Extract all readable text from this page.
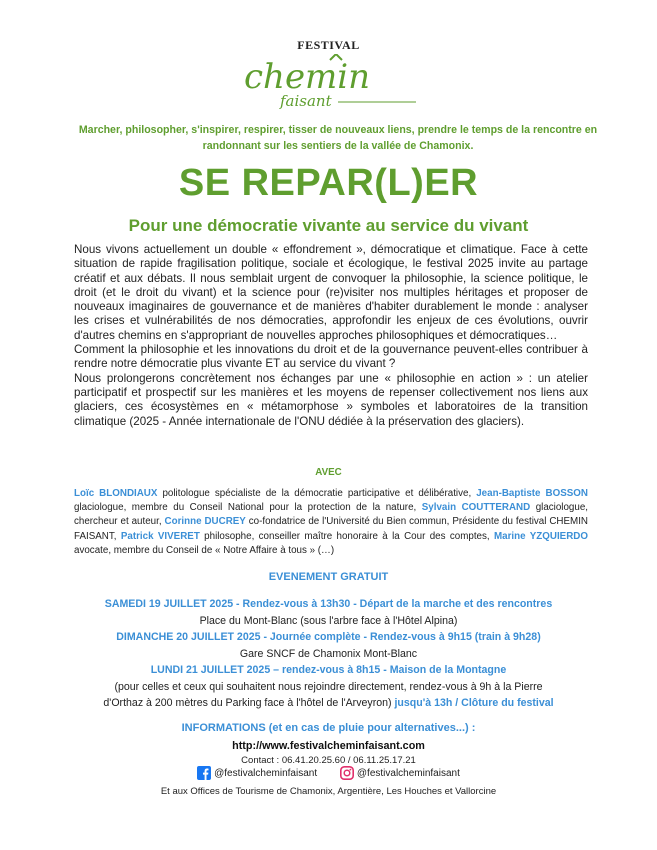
FESTIVAL
chemin
faisant
Marcher, philosopher, s'inspirer, respirer, tisser de nouveaux liens, prendre le temps de la rencontre en randonnant sur les sentiers de la vallée de Chamonix.
SE REPAR(L)ER
Pour une démocratie vivante au service du vivant

Nous vivons actuellement un double « effondrement », démocratique et climatique. Face à cette situation de rapide fragilisation politique, sociale et écologique, le festival 2025 invite au partage créatif et aux débats. Il nous semblait urgent de convoquer la philosophie, la science politique, le droit (et le droit du vivant) et la science pour (re)visiter nos multiples héritages et proposer de nouveaux imaginaires de gouvernance et de manières d'habiter durablement le monde : analyser les crises et vulnérabilités de nos démocraties, approfondir les enjeux de ces évolutions, ouvrir d'autres chemins en s'appropriant de nouvelles approches philosophiques et démocratiques…

Comment la philosophie et les innovations du droit et de la gouvernance peuvent-elles contribuer à rendre notre démocratie plus vivante ET au service du vivant ?

Nous prolongerons concrètement nos échanges par une « philosophie en action » : un atelier participatif et prospectif sur les manières et les moyens de repenser collectivement nos liens aux glaciers, ces écosystèmes en « métamorphose » symboles et laboratoires de la transition climatique (2025 - Année internationale de l'ONU dédiée à la préservation des glaciers).

AVEC
Loïc BLONDIAUX politologue spécialiste de la démocratie participative et délibérative, Jean-Baptiste BOSSON glaciologue, membre du Conseil National pour la protection de la nature, Sylvain COUTTERAND glaciologue, chercheur et auteur, Corinne DUCREY co-fondatrice de l'Université du Bien commun, Présidente du festival CHEMIN FAISANT, Patrick VIVERET philosophe, conseiller maître honoraire à la Cour des comptes, Marine YZQUIERDO avocate, membre du Conseil de « Notre Affaire à tous » (…)
EVENEMENT GRATUIT
SAMEDI 19 JUILLET 2025 - Rendez-vous à 13h30 - Départ de la marche et des rencontres
Place du Mont-Blanc (sous l'arbre face à l'Hôtel Alpina)
DIMANCHE 20 JUILLET 2025 - Journée complète - Rendez-vous à 9h15 (train à 9h28)
Gare SNCF de Chamonix Mont-Blanc
LUNDI 21 JUILLET 2025 – rendez-vous à 8h15 - Maison de la Montagne
(pour celles et ceux qui souhaitent nous rejoindre directement, rendez-vous à 9h à la Pierre
d'Orthaz à 200 mètres du Parking face à l'hôtel de l'Arveyron) jusqu'à 13h / Clôture du festival
INFORMATIONS (et en cas de pluie pour alternatives...) :
http://www.festivalcheminfaisant.com
Contact : 06.41.20.25.60 / 06.11.25.17.21
@festivalcheminfaisant
	@festivalcheminfaisant
Et aux Offices de Tourisme de Chamonix, Argentière, Les Houches et Vallorcine
